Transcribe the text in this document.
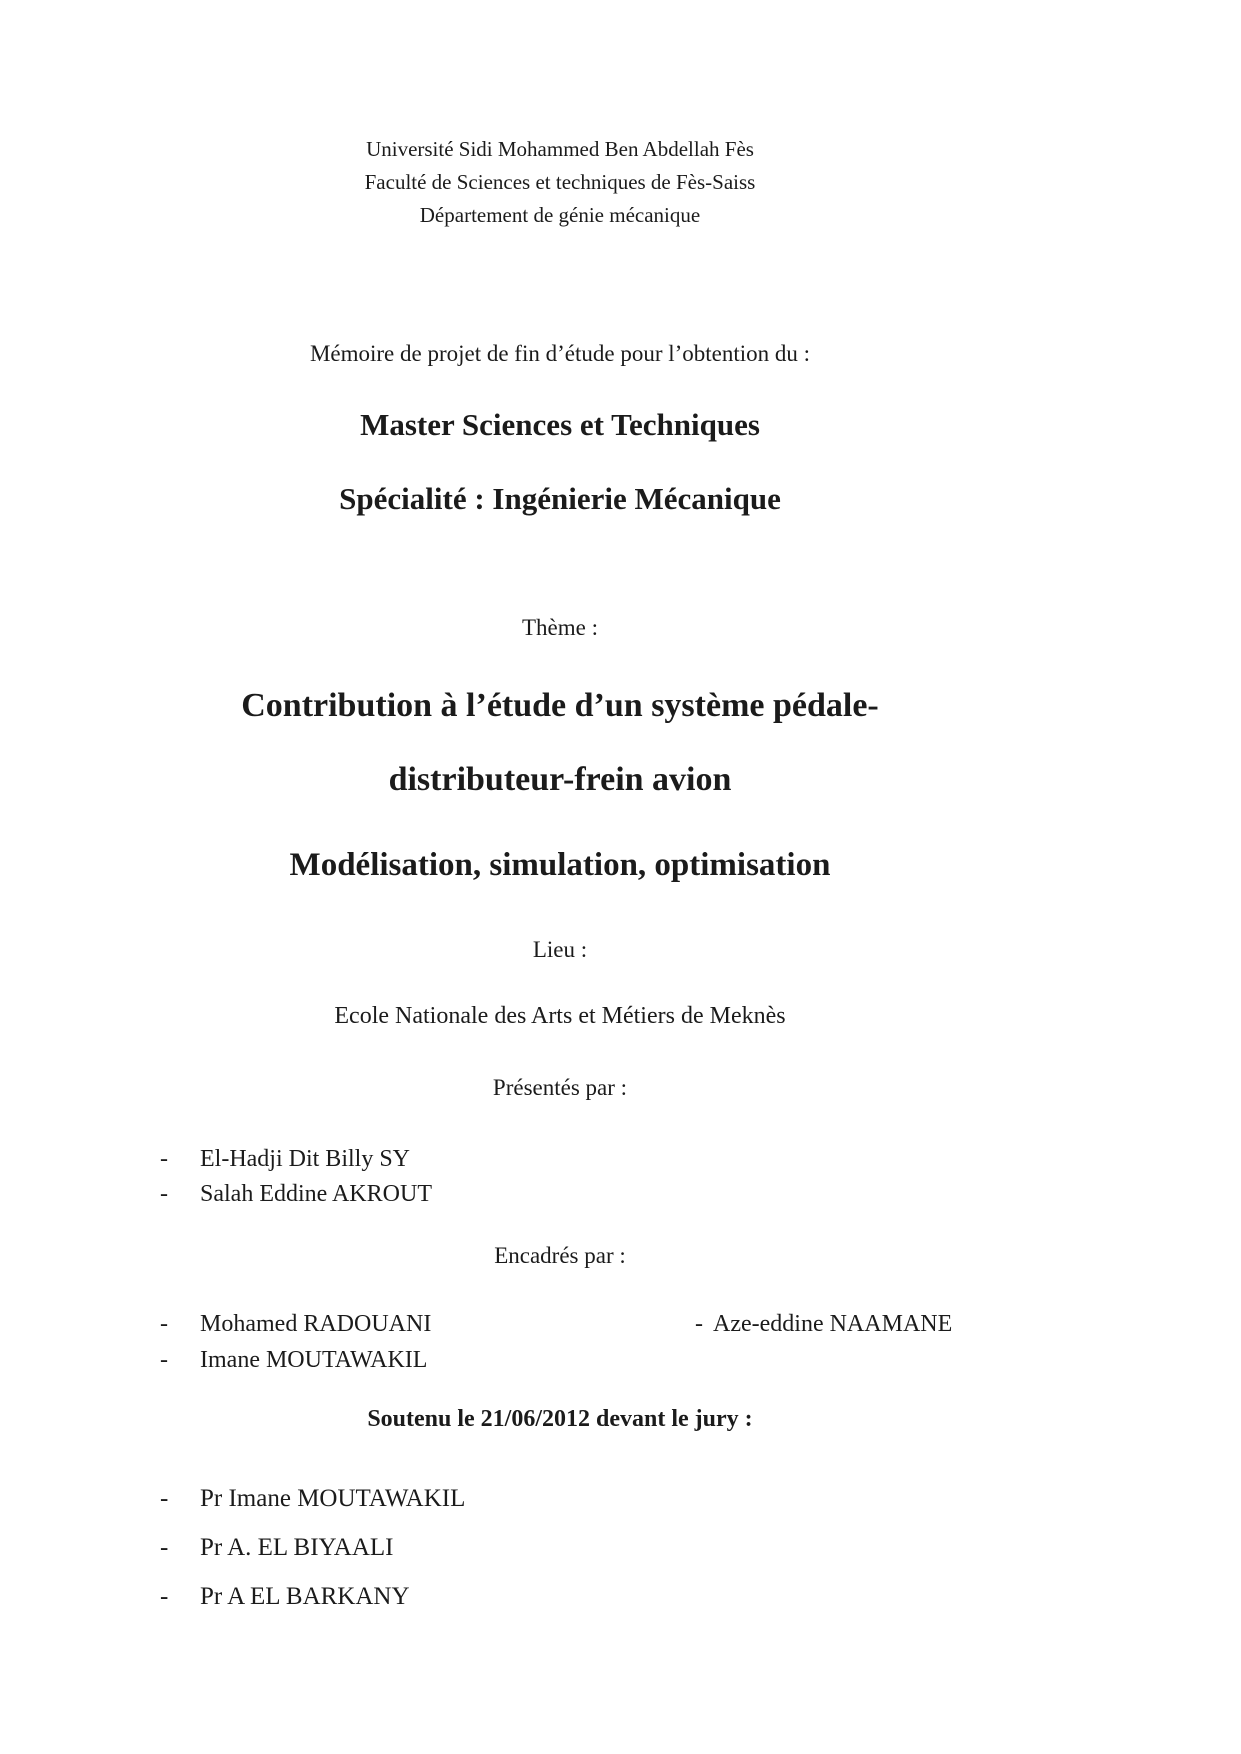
Université Sidi Mohammed Ben Abdellah Fès
Faculté de Sciences et techniques de Fès-Saiss
Département de génie mécanique
Mémoire de projet de fin d’étude pour l’obtention du :
Master Sciences et Techniques
Spécialité : Ingénierie Mécanique
Thème :
Contribution à l’étude d’un système pédale-
distributeur-frein avion
Modélisation, simulation, optimisation
Lieu :
Ecole Nationale des Arts et Métiers de Meknès
Présentés par :
- El-Hadji Dit Billy SY
- Salah Eddine AKROUT
Encadrés par :
- Mohamed RADOUANI
- Imane MOUTAWAKIL
- Aze-eddine NAAMANE
Soutenu le 21/06/2012 devant le jury :
- Pr Imane MOUTAWAKIL
- Pr A. EL BIYAALI
- Pr A EL BARKANY
